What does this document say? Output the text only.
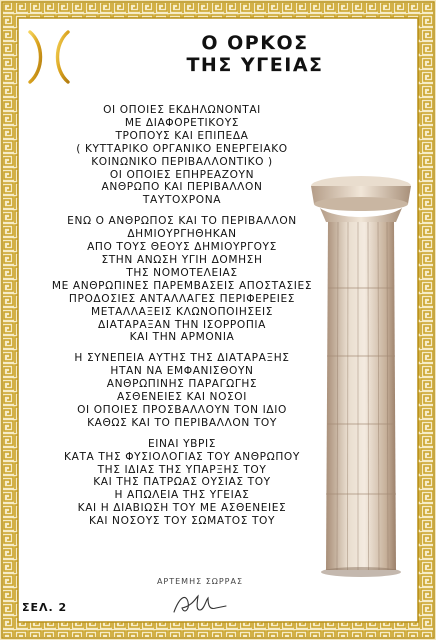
Ο ΟΡΚΟΣ
ΤΗΣ ΥΓΕΙΑΣ
ΟΙ ΟΠΟΙΕΣ ΕΚΔΗΛΩΝΟΝΤΑΙ
ΜΕ ΔΙΑΦΟΡΕΤΙΚΟΥΣ
ΤΡΟΠΟΥΣ ΚΑΙ ΕΠΙΠΕΔΑ
( ΚΥΤΤΑΡΙΚΟ ΟΡΓΑΝΙΚΟ ΕΝΕΡΓΕΙΑΚΟ
ΚΟΙΝΩΝΙΚΟ ΠΕΡΙΒΑΛΛΟΝΤΙΚΟ )
ΟΙ ΟΠΟΙΕΣ ΕΠΗΡΕΑΖΟΥΝ
ΑΝΘΡΩΠΟ ΚΑΙ ΠΕΡΙΒΑΛΛΟΝ
ΤΑΥΤΟΧΡΟΝΑ
ΕΝΩ Ο ΑΝΘΡΩΠΟΣ ΚΑΙ ΤΟ ΠΕΡΙΒΑΛΛΟΝ
ΔΗΜΙΟΥΡΓΗΘΗΚΑΝ
ΑΠΟ ΤΟΥΣ ΘΕΟΥΣ ΔΗΜΙΟΥΡΓΟΥΣ
ΣΤΗΝ ΑΝΩΣΗ ΥΓΙΗ ΔΟΜΗΣΗ
ΤΗΣ ΝΟΜΟΤΕΛΕΙΑΣ
ΜΕ ΑΝΘΡΩΠΙΝΕΣ ΠΑΡΕΜΒΑΣΕΙΣ ΑΠΟΣΤΑΣΙΕΣ
ΠΡΟΔΟΣΙΕΣ ΑΝΤΑΛΛΑΓΕΣ ΠΕΡΙΦΕΡΕΙΕΣ
ΜΕΤΑΛΛΑΞΕΙΣ ΚΛΩΝΟΠΟΙΗΣΕΙΣ
ΔΙΑΤΑΡΑΞΑΝ ΤΗΝ ΙΣΟΡΡΟΠΙΑ
ΚΑΙ ΤΗΝ ΑΡΜΟΝΙΑ
Η ΣΥΝΕΠΕΙΑ ΑΥΤΗΣ ΤΗΣ ΔΙΑΤΑΡΑΞΗΣ
ΗΤΑΝ ΝΑ ΕΜΦΑΝΙΣΘΟΥΝ
ΑΝΘΡΩΠΙΝΗΣ ΠΑΡΑΓΩΓΗΣ
ΑΣΘΕΝΕΙΕΣ ΚΑΙ ΝΟΣΟΙ
ΟΙ ΟΠΟΙΕΣ ΠΡΟΣΒΑΛΛΟΥΝ ΤΟΝ ΙΔΙΟ
ΚΑΘΩΣ ΚΑΙ ΤΟ ΠΕΡΙΒΑΛΛΟΝ ΤΟΥ
ΕΙΝΑΙ ΥΒΡΙΣ
ΚΑΤΑ ΤΗΣ ΦΥΣΙΟΛΟΓΙΑΣ ΤΟΥ ΑΝΘΡΩΠΟΥ
ΤΗΣ ΙΔΙΑΣ ΤΗΣ ΥΠΑΡΞΗΣ ΤΟΥ
ΚΑΙ ΤΗΣ ΠΑΤΡΩΑΣ ΟΥΣΙΑΣ ΤΟΥ
Η ΑΠΩΛΕΙΑ ΤΗΣ ΥΓΕΙΑΣ
ΚΑΙ Η ΔΙΑΒΙΩΣΗ ΤΟΥ ΜΕ ΑΣΘΕΝΕΙΕΣ
ΚΑΙ ΝΟΣΟΥΣ ΤΟΥ ΣΩΜΑΤΟΣ ΤΟΥ
ΑΡΤΕΜΗΣ ΣΩΡΡΑΣ
ΣΕΛ. 2
